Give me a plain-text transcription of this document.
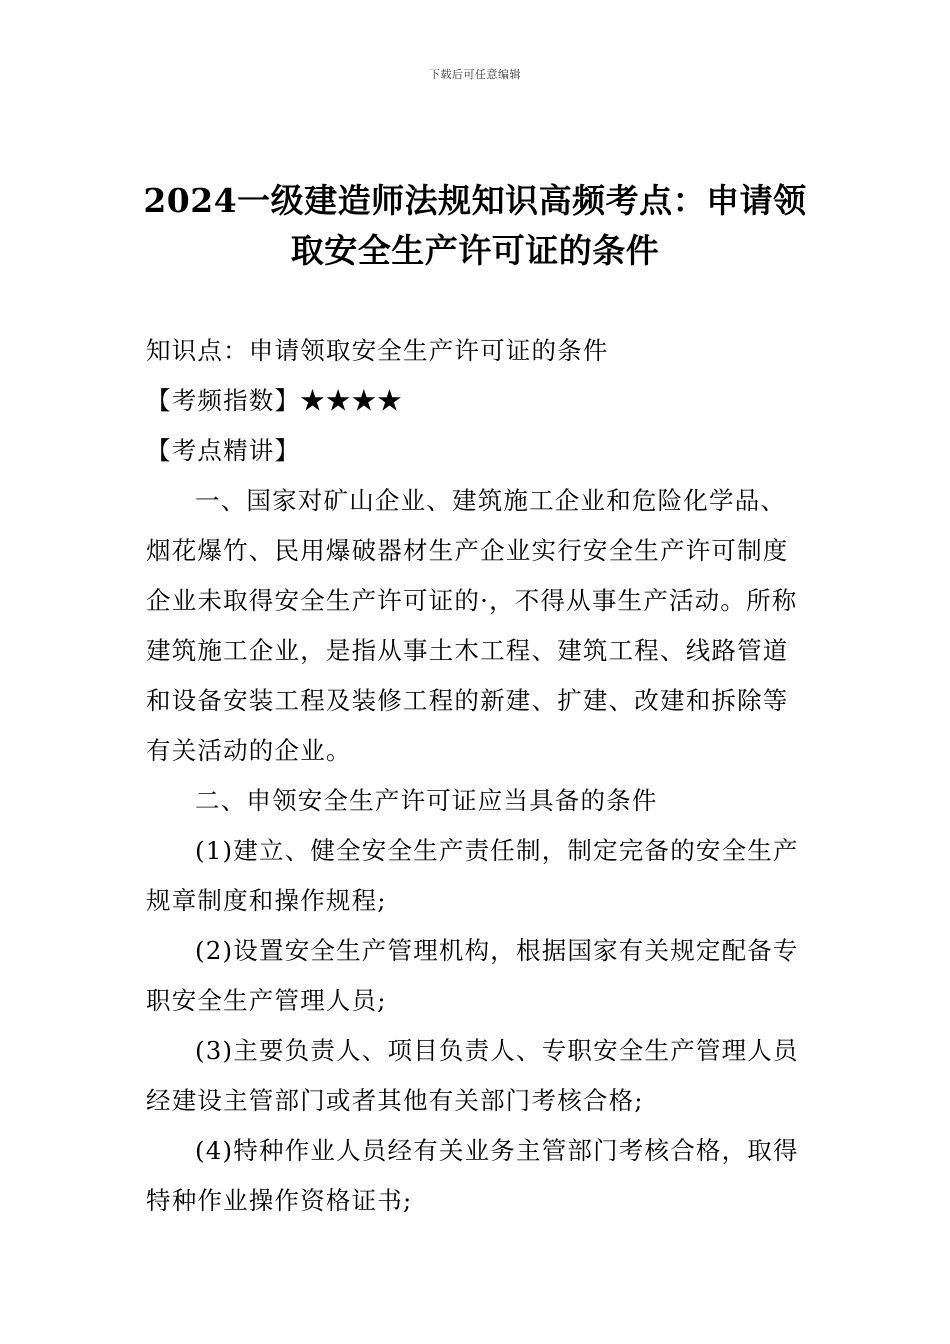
下载后可任意编辑
2024一级建造师法规知识高频考点：申请领取安全生产许可证的条件

知识点：申请领取安全生产许可证的条件

【考频指数】★★★★

【考点精讲】

一、国家对矿山企业、建筑施工企业和危险化学品、烟花爆竹、民用爆破器材生产企业实行安全生产许可制度企业未取得安全生产许可证的·，不得从事生产活动。所称建筑施工企业，是指从事土木工程、建筑工程、线路管道和设备安装工程及装修工程的新建、扩建、改建和拆除等有关活动的企业。

二、申领安全生产许可证应当具备的条件

(1)建立、健全安全生产责任制，制定完备的安全生产规章制度和操作规程;

(2)设置安全生产管理机构，根据国家有关规定配备专职安全生产管理人员;

(3)主要负责人、项目负责人、专职安全生产管理人员经建设主管部门或者其他有关部门考核合格;

(4)特种作业人员经有关业务主管部门考核合格，取得特种作业操作资格证书;
